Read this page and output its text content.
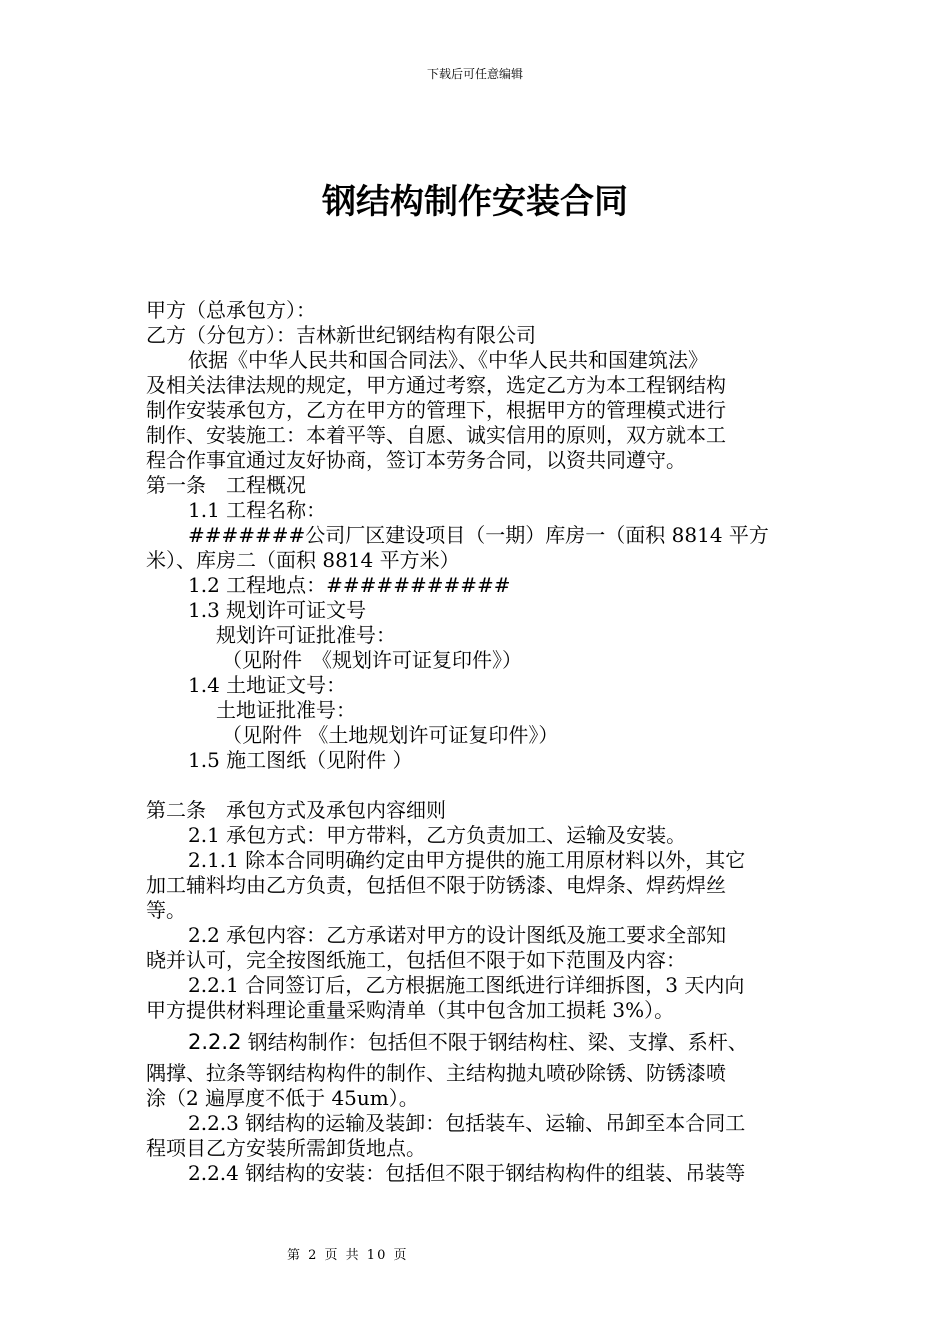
下载后可任意编辑
钢结构制作安装合同

甲方（总承包方）：

乙方（分包方）：吉林新世纪钢结构有限公司

依据《中华人民共和国合同法》、《中华人民共和国建筑法》

及相关法律法规的规定，甲方通过考察，选定乙方为本工程钢结构

制作安装承包方，乙方在甲方的管理下，根据甲方的管理模式进行

制作、安装施工：本着平等、自愿、诚实信用的原则，双方就本工

程合作事宜通过友好协商，签订本劳务合同，以资共同遵守。

第一条　工程概况

1.1 工程名称：

#######公司厂区建设项目（一期）库房一（面积 8814 平方

米）、库房二（面积 8814 平方米）

1.2 工程地点：###########

1.3 规划许可证文号

规划许可证批准号：

（见附件　《规划许可证复印件》）

1.4 土地证文号：

土地证批准号：

（见附件 《土地规划许可证复印件》）

1.5 施工图纸（见附件 ）

第二条　承包方式及承包内容细则

2.1 承包方式：甲方带料，乙方负责加工、运输及安装。

2.1.1 除本合同明确约定由甲方提供的施工用原材料以外，其它

加工辅料均由乙方负责，包括但不限于防锈漆、电焊条、焊药焊丝

等。

2.2 承包内容：乙方承诺对甲方的设计图纸及施工要求全部知

晓并认可，完全按图纸施工，包括但不限于如下范围及内容：

2.2.1 合同签订后，乙方根据施工图纸进行详细拆图，3 天内向

甲方提供材料理论重量采购清单（其中包含加工损耗 3%）。

2.2.2 钢结构制作：包括但不限于钢结构柱、梁、支撑、系杆、

隅撑、拉条等钢结构构件的制作、主结构抛丸喷砂除锈、防锈漆喷

涂（2 遍厚度不低于 45um）。

2.2.3 钢结构的运输及装卸：包括装车、运输、吊卸至本合同工

程项目乙方安装所需卸货地点。

2.2.4 钢结构的安装：包括但不限于钢结构构件的组装、吊装等

第 2 页 共 10 页
